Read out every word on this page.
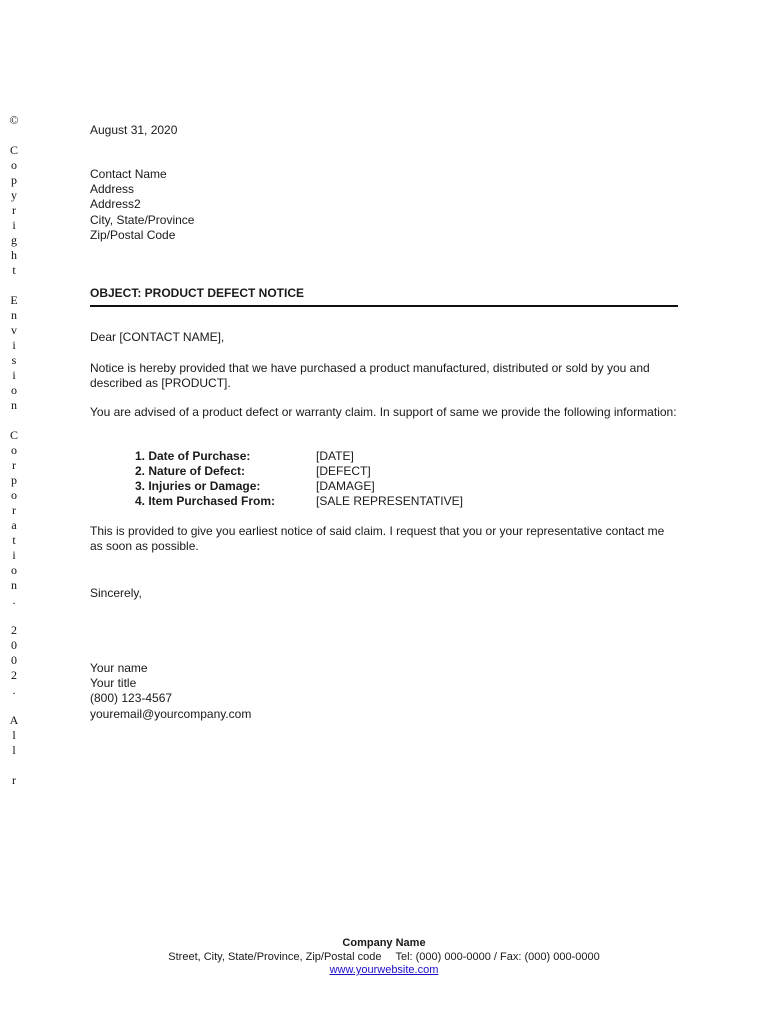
©

C
o
p
y
r
i
g
h
t

E
n
v
i
s
i
o
n

C
o
r
p
o
r
a
t
i
o
n
.

2
0
0
2
.

A
l
l

r
August 31, 2020
Contact Name
Address
Address2
City, State/Province
Zip/Postal Code
OBJECT: PRODUCT DEFECT NOTICE
Dear [CONTACT NAME],
Notice is hereby provided that we have purchased a product manufactured, distributed or sold by you and described as [PRODUCT].
You are advised of a product defect or warranty claim. In support of same we provide the following information:
1. Date of Purchase:	[DATE]
2. Nature of Defect:	[DEFECT]
3. Injuries or Damage:	[DAMAGE]
4. Item Purchased From:	[SALE REPRESENTATIVE]
This is provided to give you earliest notice of said claim. I request that you or your representative contact me as soon as possible.
Sincerely,
Your name
Your title
(800) 123-4567
youremail@yourcompany.com
Company Name
Street, City, State/Province, Zip/Postal code Tel: (000) 000-0000 / Fax: (000) 000-0000
www.yourwebsite.com
